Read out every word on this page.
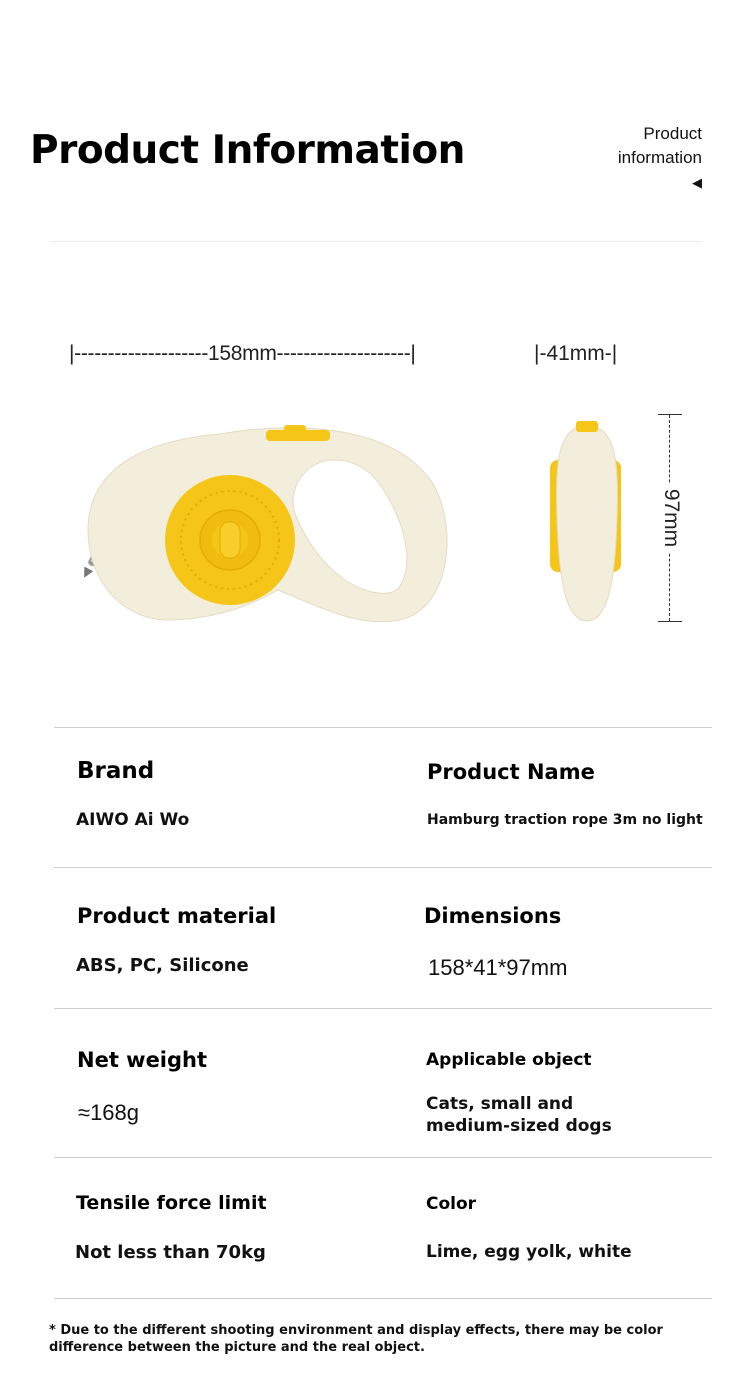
Product Information	Product
information
◀
|--------------------158mm--------------------|	|-41mm-|
97mm
Brand
AIWO Ai Wo
Product Name
Hamburg traction rope 3m no light
Product material
ABS, PC, Silicone
Dimensions
158*41*97mm
Net weight
≈168g
Applicable object
Cats, small and
medium-sized dogs
Tensile force limit
Not less than 70kg
Color
Lime, egg yolk, white
* Due to the different shooting environment and display effects, there may be color
difference between the picture and the real object.
